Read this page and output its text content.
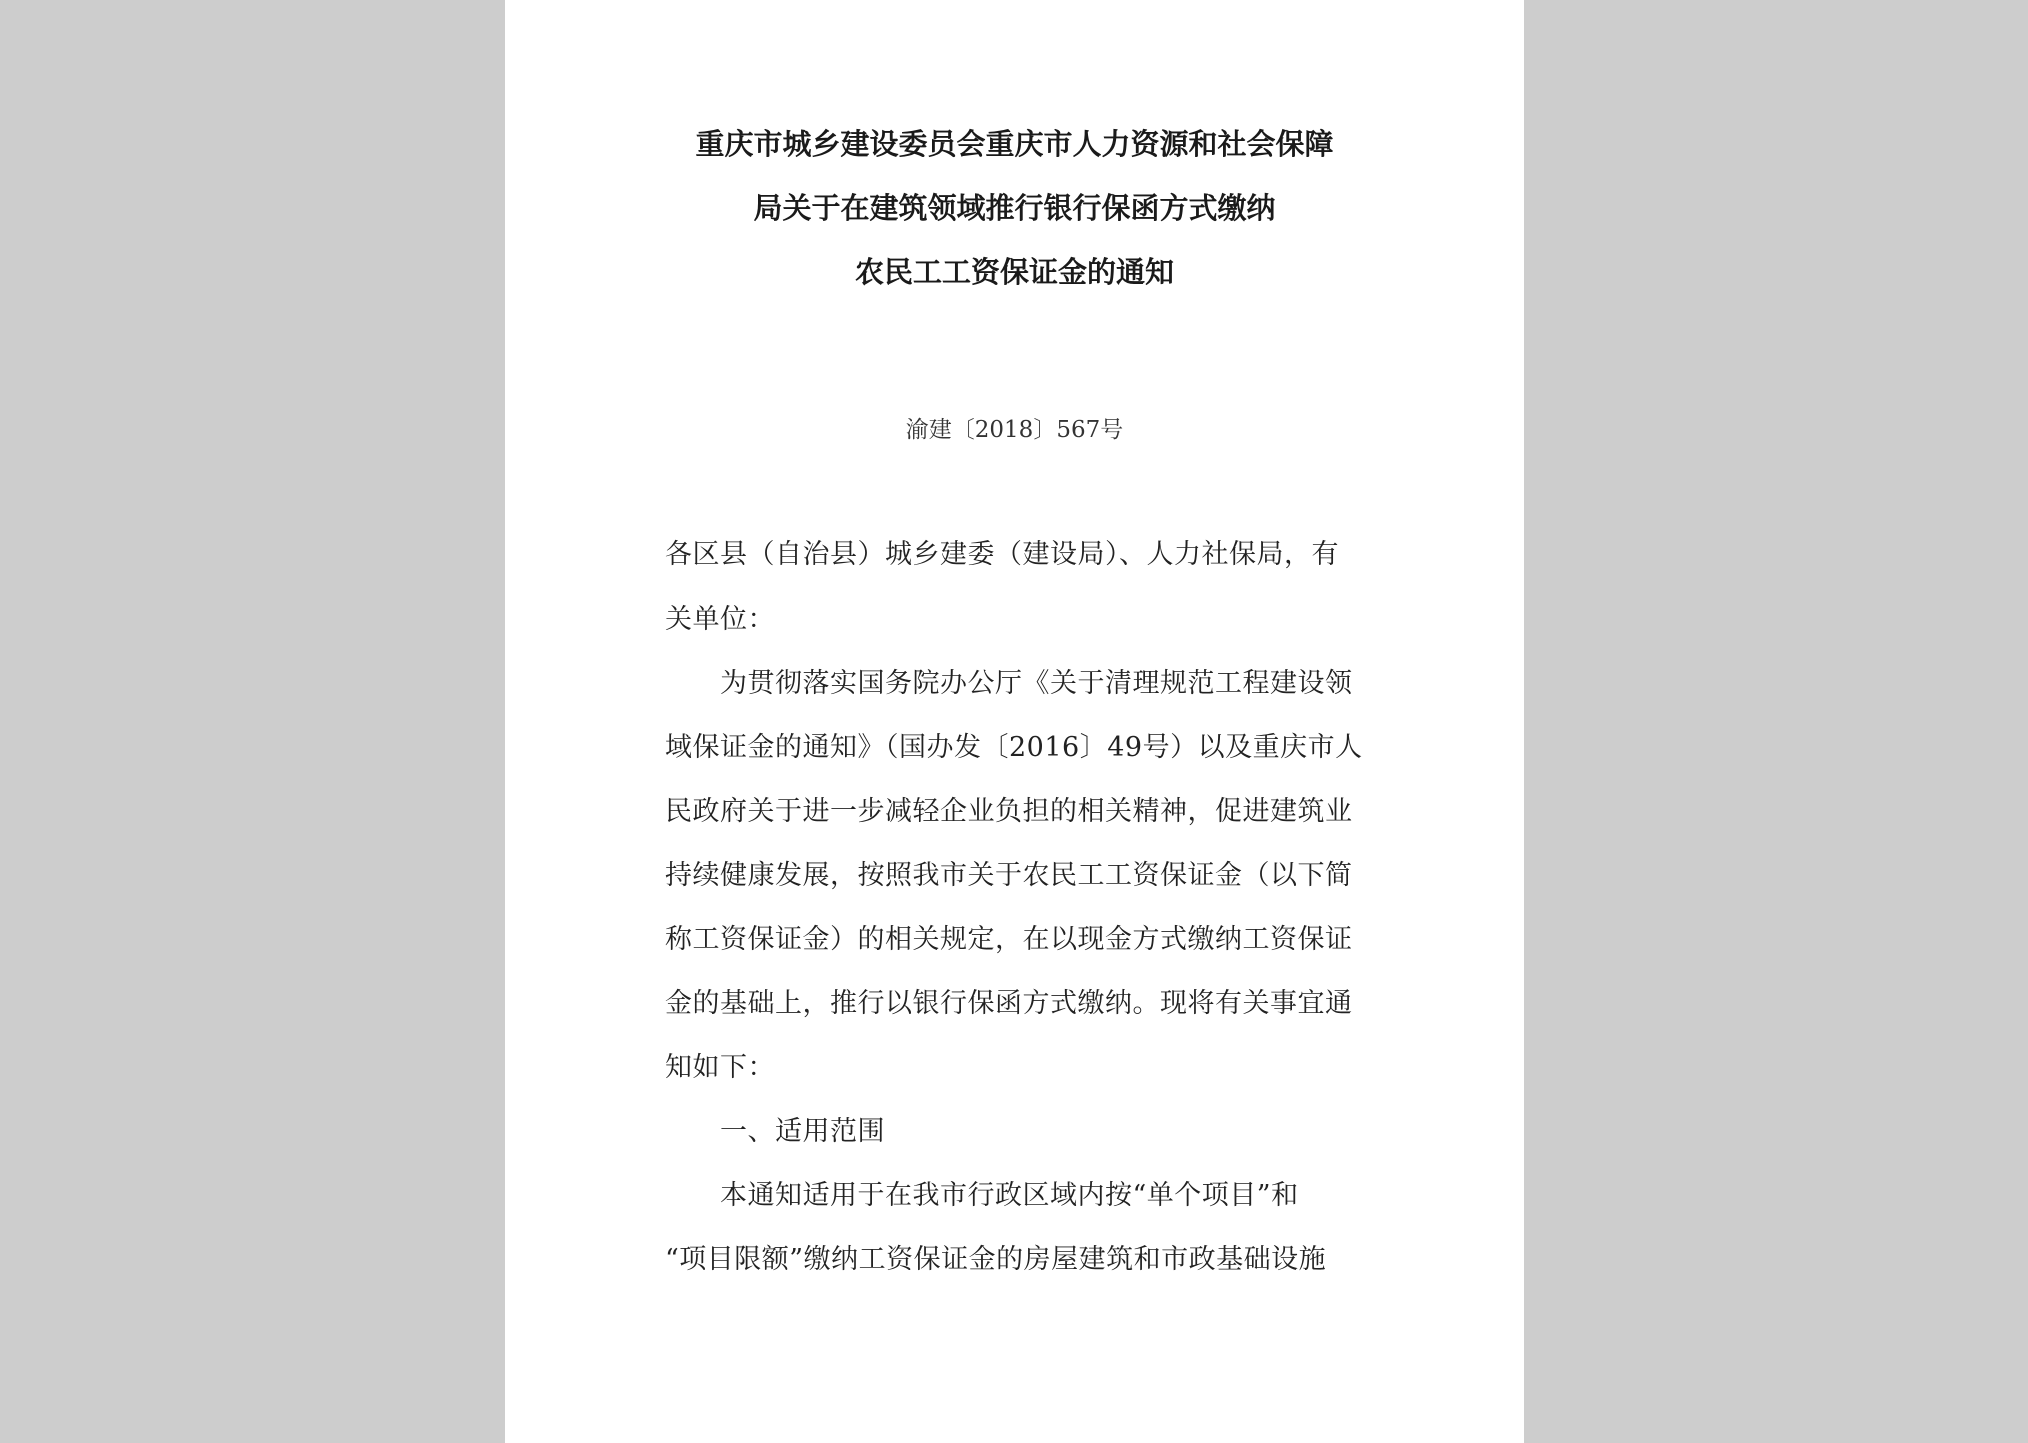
重庆市城乡建设委员会重庆市人力资源和社会保障
局关于在建筑领域推行银行保函方式缴纳
农民工工资保证金的通知
渝建〔2018〕567号
各区县（自治县）城乡建委（建设局）、人力社保局，有
关单位：
为贯彻落实国务院办公厅《关于清理规范工程建设领
域保证金的通知》（国办发〔2016〕49号）以及重庆市人
民政府关于进一步减轻企业负担的相关精神，促进建筑业
持续健康发展，按照我市关于农民工工资保证金（以下简
称工资保证金）的相关规定，在以现金方式缴纳工资保证
金的基础上，推行以银行保函方式缴纳。现将有关事宜通
知如下：
一、适用范围
本通知适用于在我市行政区域内按“单个项目”和
“项目限额”缴纳工资保证金的房屋建筑和市政基础设施
